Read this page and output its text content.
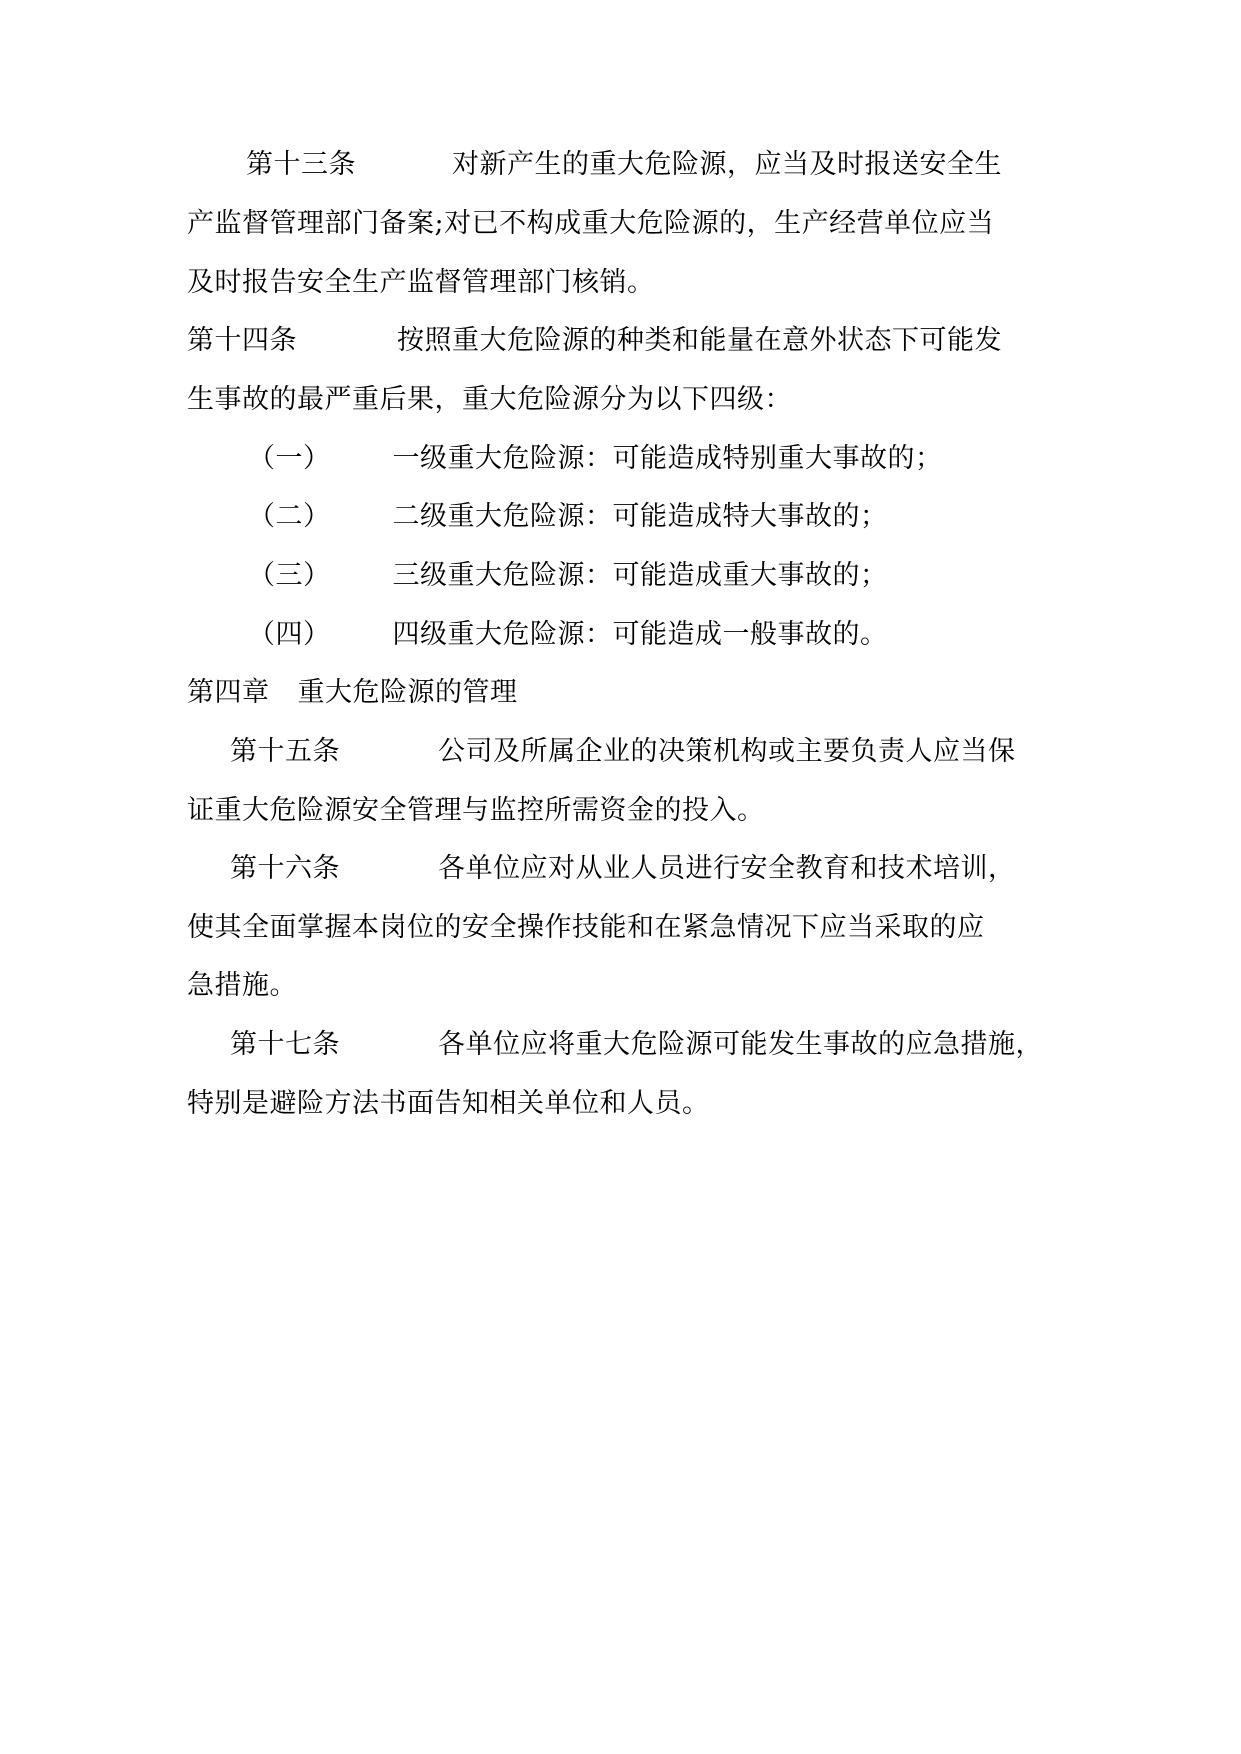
第十三条	对新产生的重大危险源，应当及时报送安全生
产监督管理部门备案;对已不构成重大危险源的，生产经营单位应当
及时报告安全生产监督管理部门核销。
第十四条	按照重大危险源的种类和能量在意外状态下可能发
生事故的最严重后果，重大危险源分为以下四级：
（一） 一级重大危险源：可能造成特别重大事故的；
（二） 二级重大危险源：可能造成特大事故的；
（三） 三级重大危险源：可能造成重大事故的；
（四） 四级重大危险源：可能造成一般事故的。
第四章 重大危险源的管理
第十五条	公司及所属企业的决策机构或主要负责人应当保
证重大危险源安全管理与监控所需资金的投入。
第十六条	各单位应对从业人员进行安全教育和技术培训，
使其全面掌握本岗位的安全操作技能和在紧急情况下应当采取的应
急措施。
第十七条	各单位应将重大危险源可能发生事故的应急措施，
特别是避险方法书面告知相关单位和人员。
